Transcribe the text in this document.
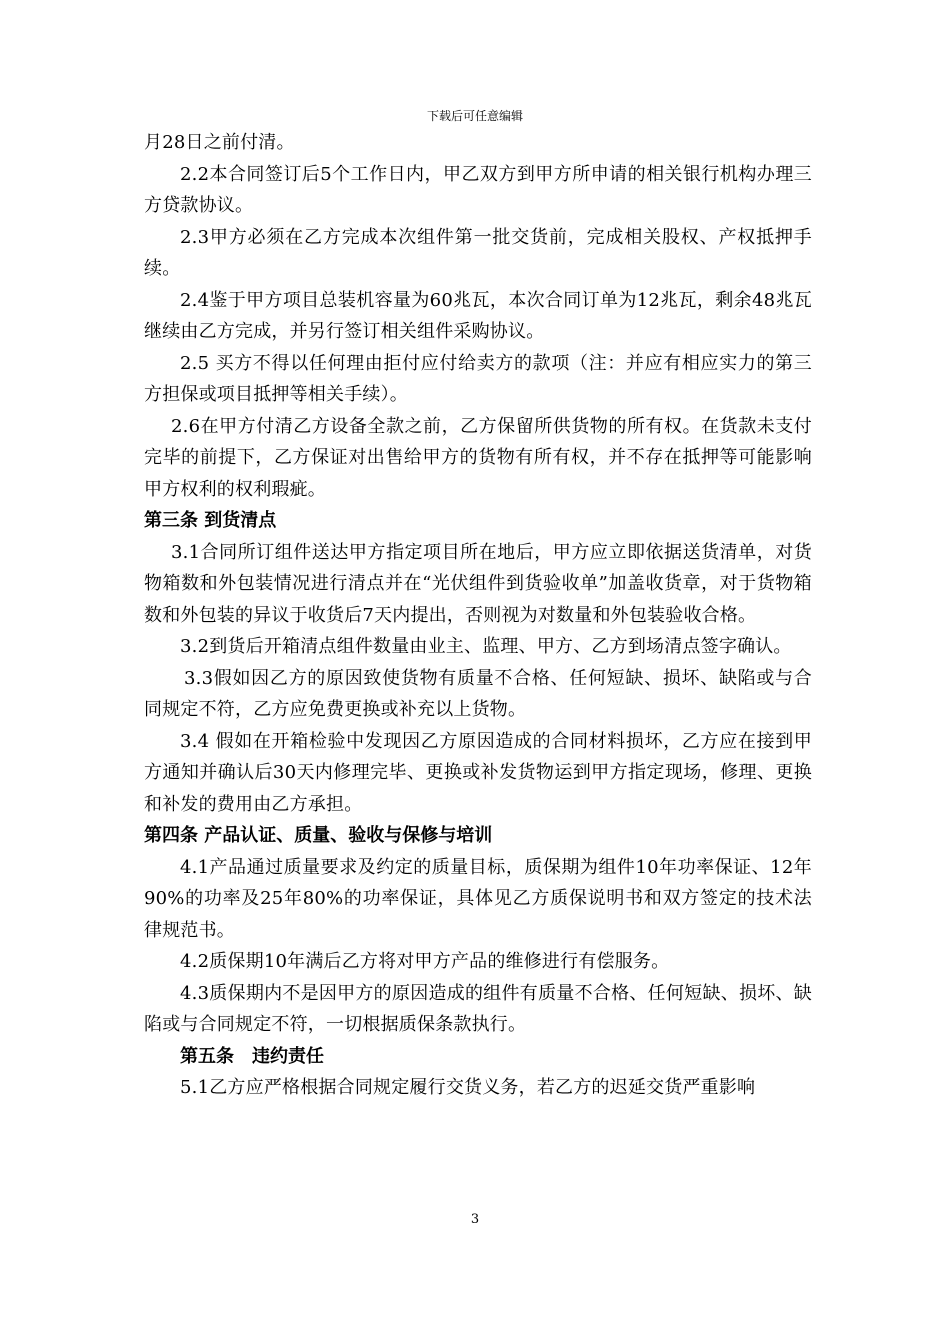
下载后可任意编辑

月28日之前付清。

2.2本合同签订后5个工作日内，甲乙双方到甲方所申请的相关银行机构办理三方贷款协议。

2.3甲方必须在乙方完成本次组件第一批交货前，完成相关股权、产权抵押手续。

2.4鉴于甲方项目总装机容量为60兆瓦，本次合同订单为12兆瓦，剩余48兆瓦继续由乙方完成，并另行签订相关组件采购协议。

2.5 买方不得以任何理由拒付应付给卖方的款项（注：并应有相应实力的第三方担保或项目抵押等相关手续）。

2.6在甲方付清乙方设备全款之前，乙方保留所供货物的所有权。在货款未支付完毕的前提下，乙方保证对出售给甲方的货物有所有权，并不存在抵押等可能影响甲方权利的权利瑕疵。

第三条 到货清点

3.1合同所订组件送达甲方指定项目所在地后，甲方应立即依据送货清单，对货物箱数和外包装情况进行清点并在“光伏组件到货验收单”加盖收货章，对于货物箱数和外包装的异议于收货后7天内提出，否则视为对数量和外包装验收合格。

3.2到货后开箱清点组件数量由业主、监理、甲方、乙方到场清点签字确认。

3.3假如因乙方的原因致使货物有质量不合格、任何短缺、损坏、缺陷或与合同规定不符，乙方应免费更换或补充以上货物。

3.4 假如在开箱检验中发现因乙方原因造成的合同材料损坏，乙方应在接到甲方通知并确认后30天内修理完毕、更换或补发货物运到甲方指定现场，修理、更换和补发的费用由乙方承担。

第四条 产品认证、质量、验收与保修与培训

4.1产品通过质量要求及约定的质量目标，质保期为组件10年功率保证、12年90%的功率及25年80%的功率保证，具体见乙方质保说明书和双方签定的技术法律规范书。

4.2质保期10年满后乙方将对甲方产品的维修进行有偿服务。

4.3质保期内不是因甲方的原因造成的组件有质量不合格、任何短缺、损坏、缺陷或与合同规定不符，一切根据质保条款执行。

第五条　违约责任

5.1乙方应严格根据合同规定履行交货义务，若乙方的迟延交货严重影响

3
